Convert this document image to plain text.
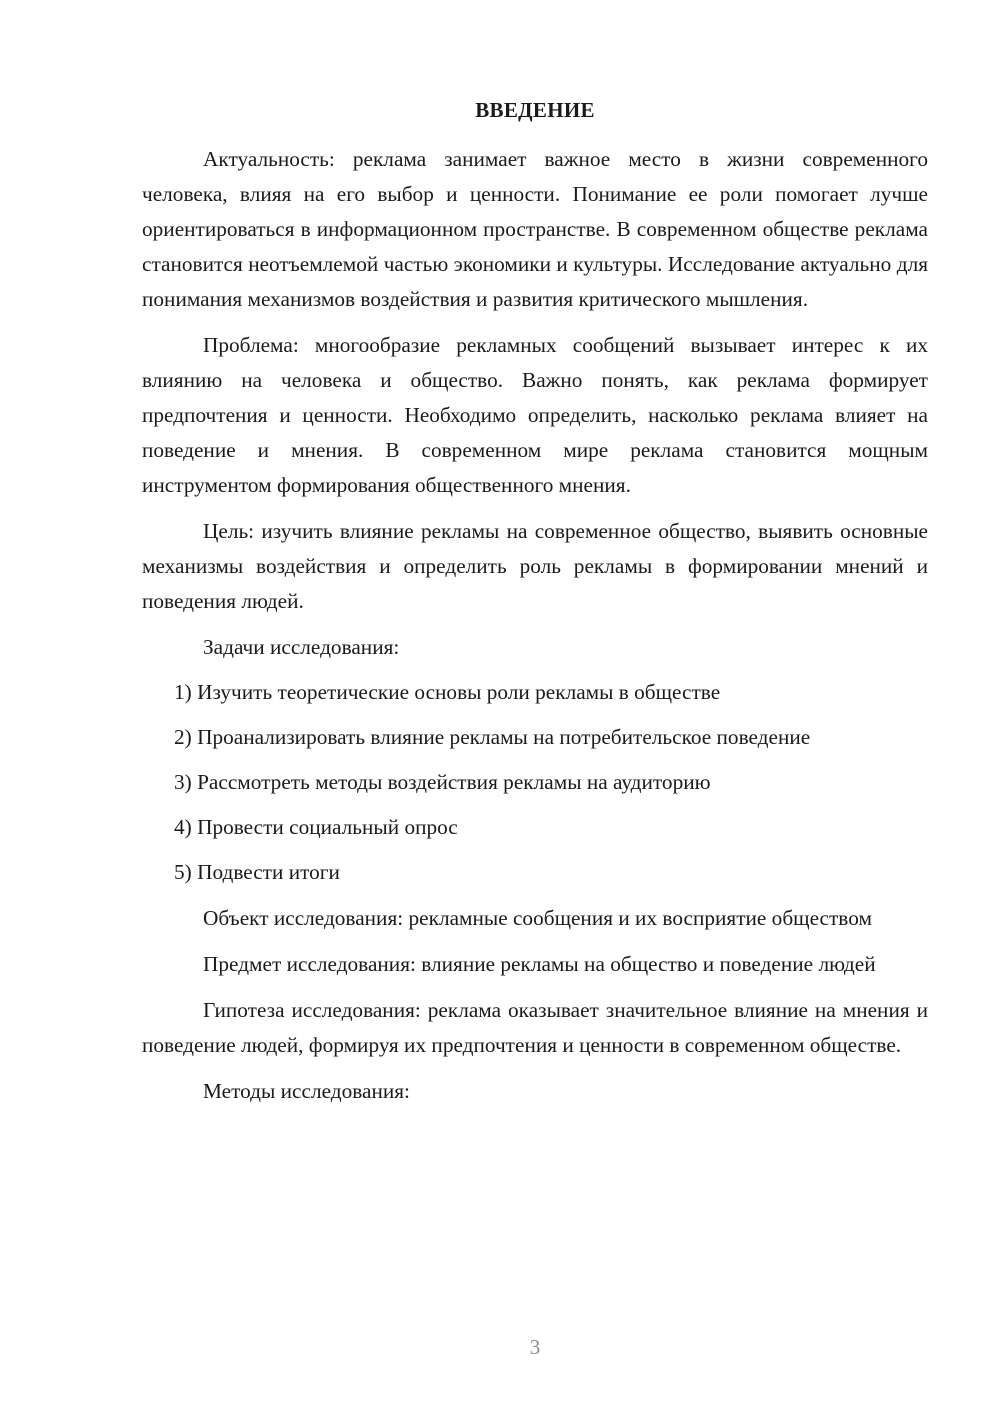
ВВЕДЕНИЕ

Актуальность: реклама занимает важное место в жизни современного человека, влияя на его выбор и ценности. Понимание ее роли помогает лучше ориентироваться в информационном пространстве. В современном обществе реклама становится неотъемлемой частью экономики и культуры. Исследование актуально для понимания механизмов воздействия и развития критического мышления.

Проблема: многообразие рекламных сообщений вызывает интерес к их влиянию на человека и общество. Важно понять, как реклама формирует предпочтения и ценности. Необходимо определить, насколько реклама влияет на поведение и мнения. В современном мире реклама становится мощным инструментом формирования общественного мнения.

Цель: изучить влияние рекламы на современное общество, выявить основные механизмы воздействия и определить роль рекламы в формировании мнений и поведения людей.

Задачи исследования:

1) Изучить теоретические основы роли рекламы в обществе

2) Проанализировать влияние рекламы на потребительское поведение

3) Рассмотреть методы воздействия рекламы на аудиторию

4) Провести социальный опрос

5) Подвести итоги

Объект исследования: рекламные сообщения и их восприятие обществом

Предмет исследования: влияние рекламы на общество и поведение людей

Гипотеза исследования: реклама оказывает значительное влияние на мнения и поведение людей, формируя их предпочтения и ценности в современном обществе.

Методы исследования:

3
